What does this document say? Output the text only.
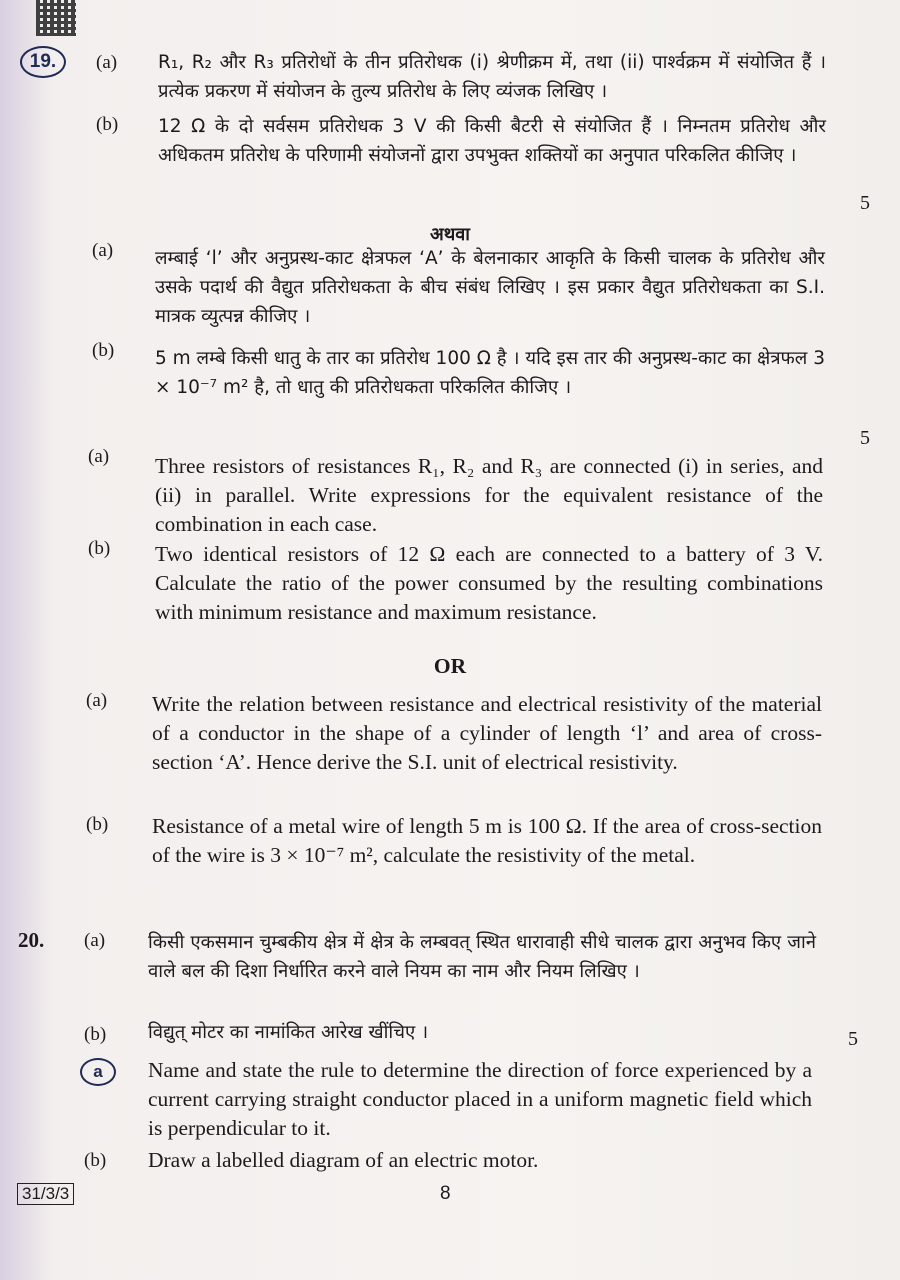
19.	(a) R₁, R₂ और R₃ प्रतिरोधों के तीन प्रतिरोधक (i) श्रेणीक्रम में, तथा (ii) पार्श्वक्रम में संयोजित हैं । प्रत्येक प्रकरण में संयोजन के तुल्य प्रतिरोध के लिए व्यंजक लिखिए ।
(b) 12 Ω के दो सर्वसम प्रतिरोधक 3 V की किसी बैटरी से संयोजित हैं । निम्नतम प्रतिरोध और अधिकतम प्रतिरोध के परिणामी संयोजनों द्वारा उपभुक्त शक्तियों का अनुपात परिकलित कीजिए ।
5
अथवा
(a) लम्बाई ‘l’ और अनुप्रस्थ-काट क्षेत्रफल ‘A’ के बेलनाकार आकृति के किसी चालक के प्रतिरोध और उसके पदार्थ की वैद्युत प्रतिरोधकता के बीच संबंध लिखिए । इस प्रकार वैद्युत प्रतिरोधकता का S.I. मात्रक व्युत्पन्न कीजिए ।
(b) 5 m लम्बे किसी धातु के तार का प्रतिरोध 100 Ω है । यदि इस तार की अनुप्रस्थ-काट का क्षेत्रफल 3 × 10⁻⁷ m² है, तो धातु की प्रतिरोधकता परिकलित कीजिए ।
5
(a) Three resistors of resistances R₁, R₂ and R₃ are connected (i) in series, and (ii) in parallel. Write expressions for the equivalent resistance of the combination in each case.
(b) Two identical resistors of 12 Ω each are connected to a battery of 3 V. Calculate the ratio of the power consumed by the resulting combinations with minimum resistance and maximum resistance.
OR
(a) Write the relation between resistance and electrical resistivity of the material of a conductor in the shape of a cylinder of length ‘l’ and area of cross-section ‘A’. Hence derive the S.I. unit of electrical resistivity.
(b) Resistance of a metal wire of length 5 m is 100 Ω. If the area of cross-section of the wire is 3 × 10⁻⁷ m², calculate the resistivity of the metal.
20. (a) किसी एकसमान चुम्बकीय क्षेत्र में क्षेत्र के लम्बवत् स्थित धारावाही सीधे चालक द्वारा अनुभव किए जाने वाले बल की दिशा निर्धारित करने वाले नियम का नाम और नियम लिखिए ।
(b) विद्युत् मोटर का नामांकित आरेख खींचिए ।	5
a	Name and state the rule to determine the direction of force experienced by a current carrying straight conductor placed in a uniform magnetic field which is perpendicular to it.
(b) Draw a labelled diagram of an electric motor.
31/3/3	8
